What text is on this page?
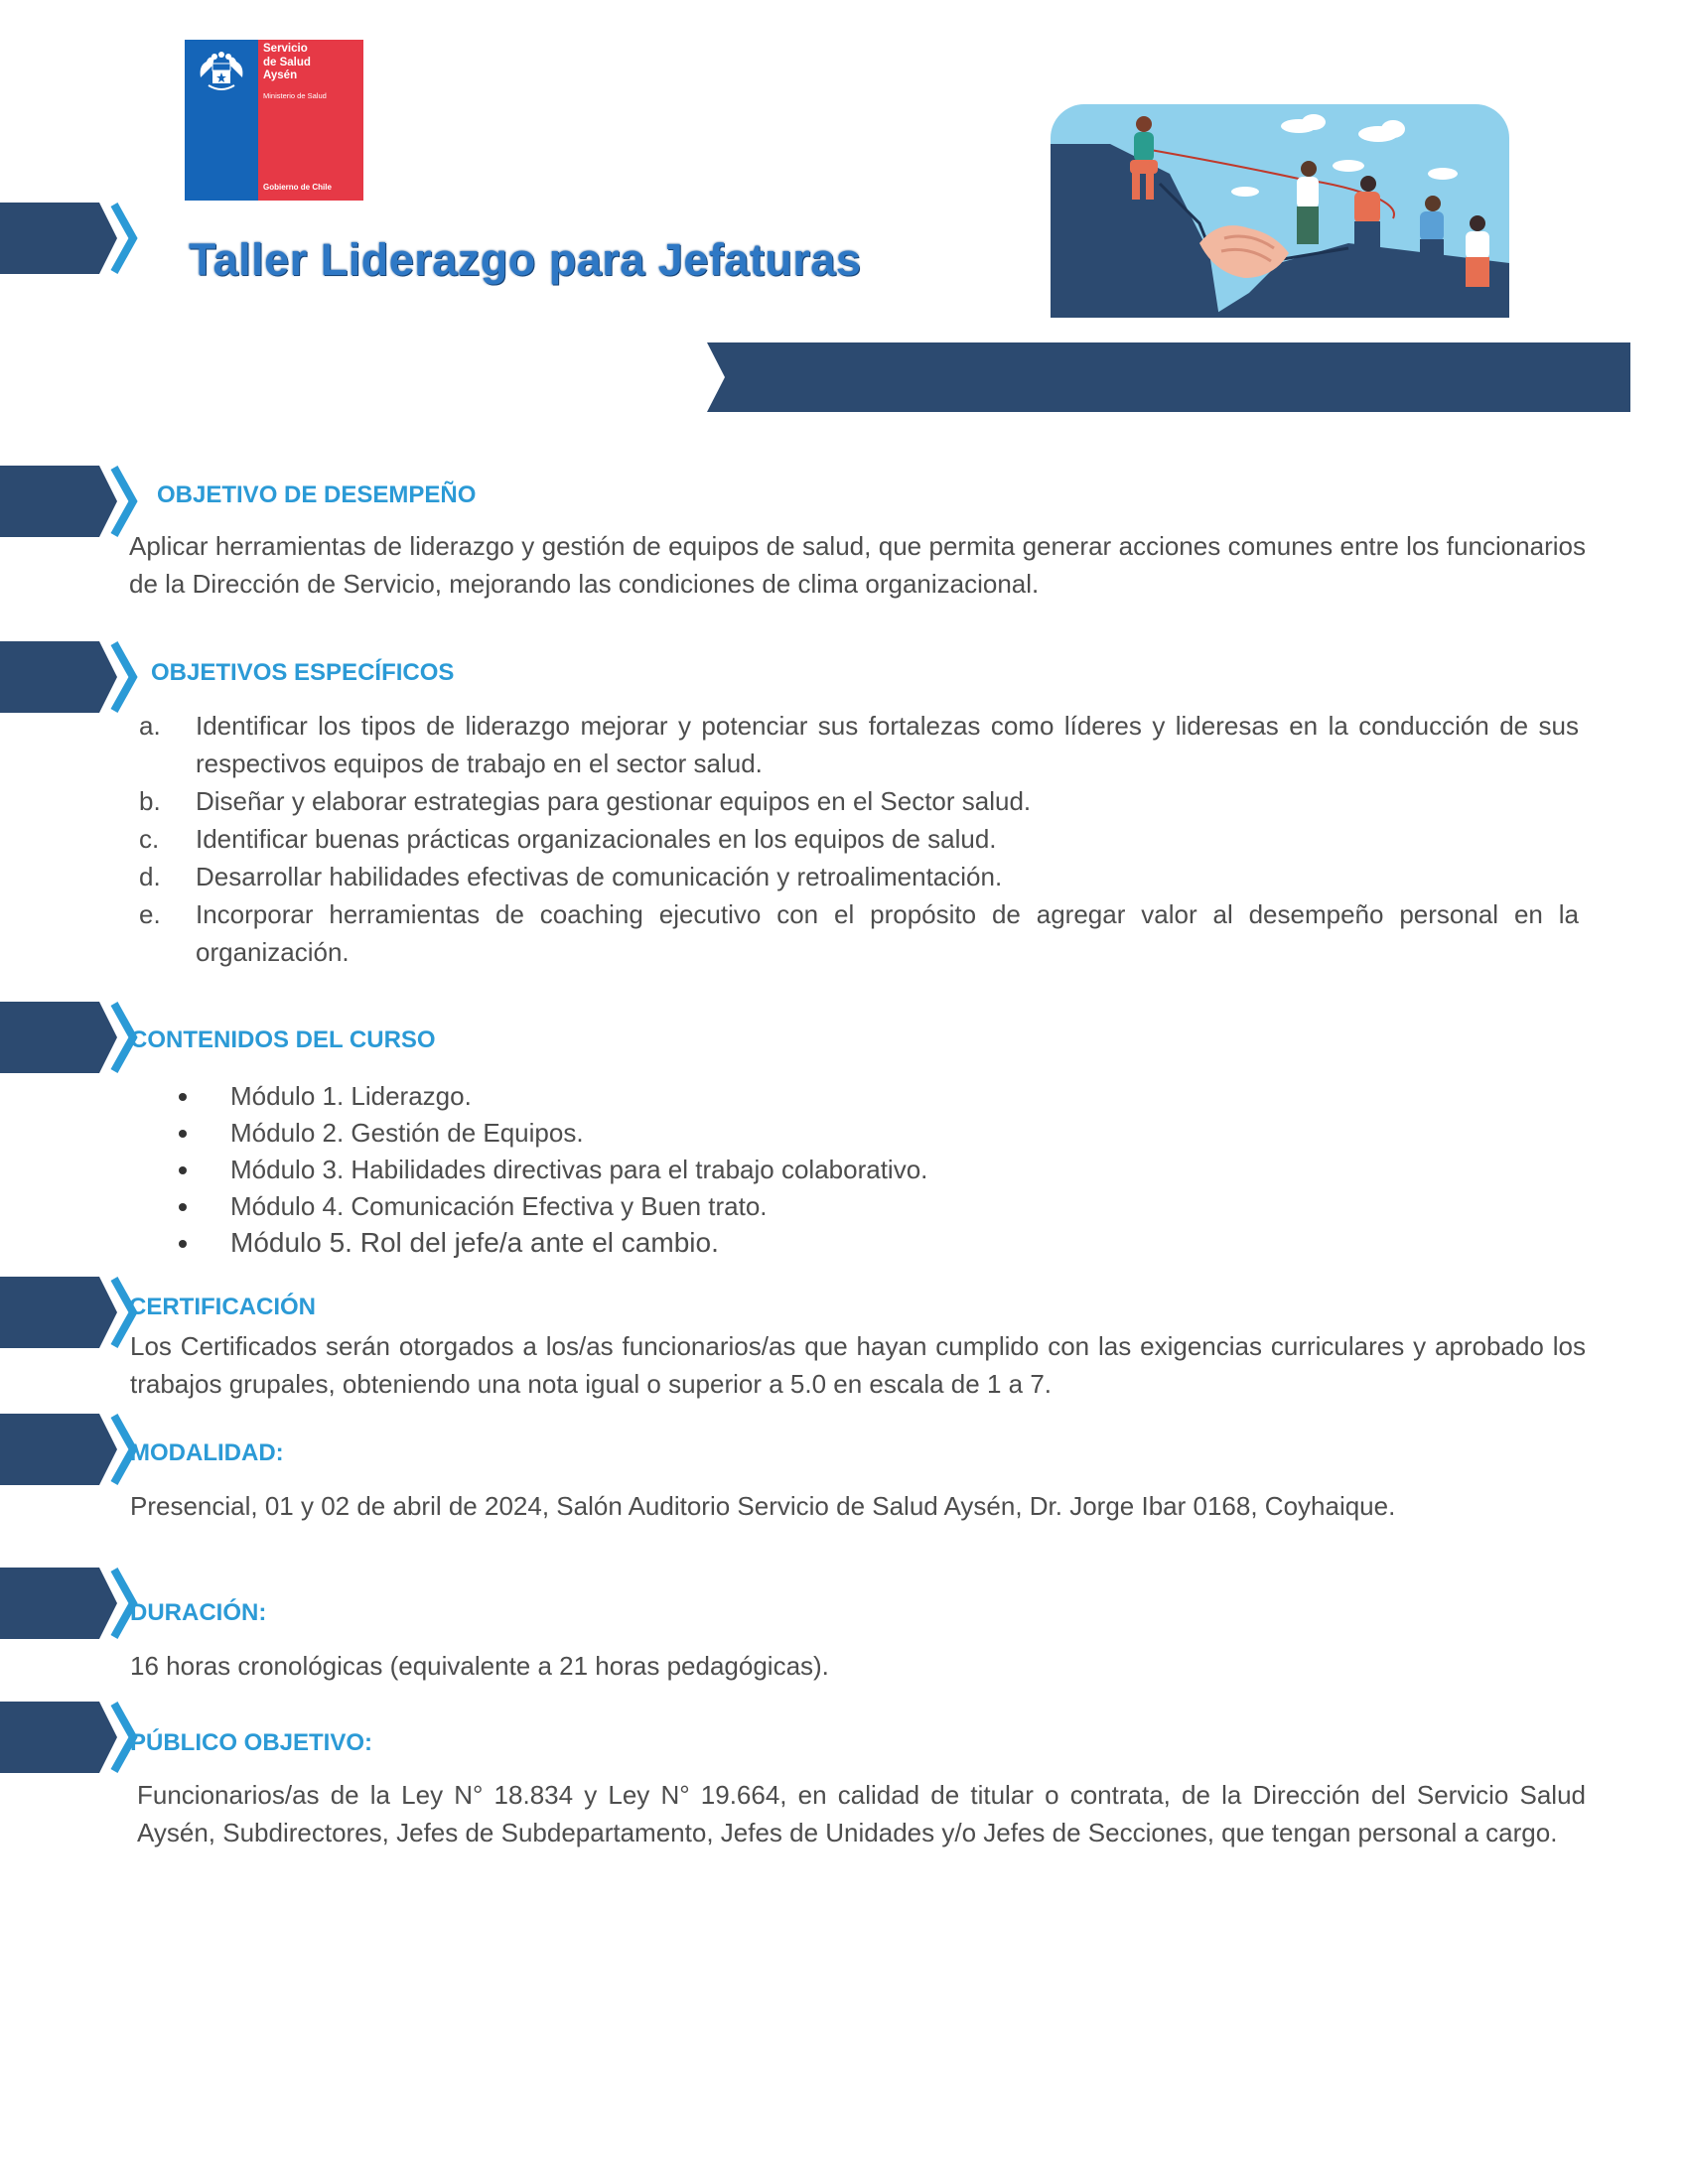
Servicio
de Salud
Aysén
Ministerio de Salud
Gobierno de Chile
Taller Liderazgo para Jefaturas
OBJETIVO DE DESEMPEÑO
Aplicar herramientas de liderazgo y gestión de equipos de salud, que permita generar acciones comunes entre los funcionarios de la Dirección de Servicio, mejorando las condiciones de clima organizacional.
OBJETIVOS ESPECÍFICOS
a.	Identificar los tipos de liderazgo mejorar y potenciar sus fortalezas como líderes y lideresas en la conducción de sus respectivos equipos de trabajo en el sector salud.
b.	Diseñar y elaborar estrategias para gestionar equipos en el Sector salud.
c.	Identificar buenas prácticas organizacionales en los equipos de salud.
d.	Desarrollar habilidades efectivas de comunicación y retroalimentación.
e.	Incorporar herramientas de coaching ejecutivo con el propósito de agregar valor al desempeño personal en la organización.
CONTENIDOS DEL CURSO
Módulo 1. Liderazgo.
Módulo 2. Gestión de Equipos.
Módulo 3. Habilidades directivas para el trabajo colaborativo.
Módulo 4. Comunicación Efectiva y Buen trato.
Módulo 5. Rol del jefe/a ante el cambio.
CERTIFICACIÓN
Los Certificados serán otorgados a los/as funcionarios/as que hayan cumplido con las exigencias curriculares y aprobado los trabajos grupales, obteniendo una nota igual o superior a 5.0 en escala de 1 a 7.
MODALIDAD:
Presencial, 01 y 02 de abril de 2024, Salón Auditorio Servicio de Salud Aysén, Dr. Jorge Ibar 0168, Coyhaique.
DURACIÓN:
16 horas cronológicas (equivalente a 21 horas pedagógicas).
PÚBLICO OBJETIVO:
Funcionarios/as de la Ley N° 18.834 y Ley N° 19.664, en calidad de titular o contrata, de la Dirección del Servicio Salud Aysén, Subdirectores, Jefes de Subdepartamento, Jefes de Unidades y/o Jefes de Secciones, que tengan personal a cargo.
